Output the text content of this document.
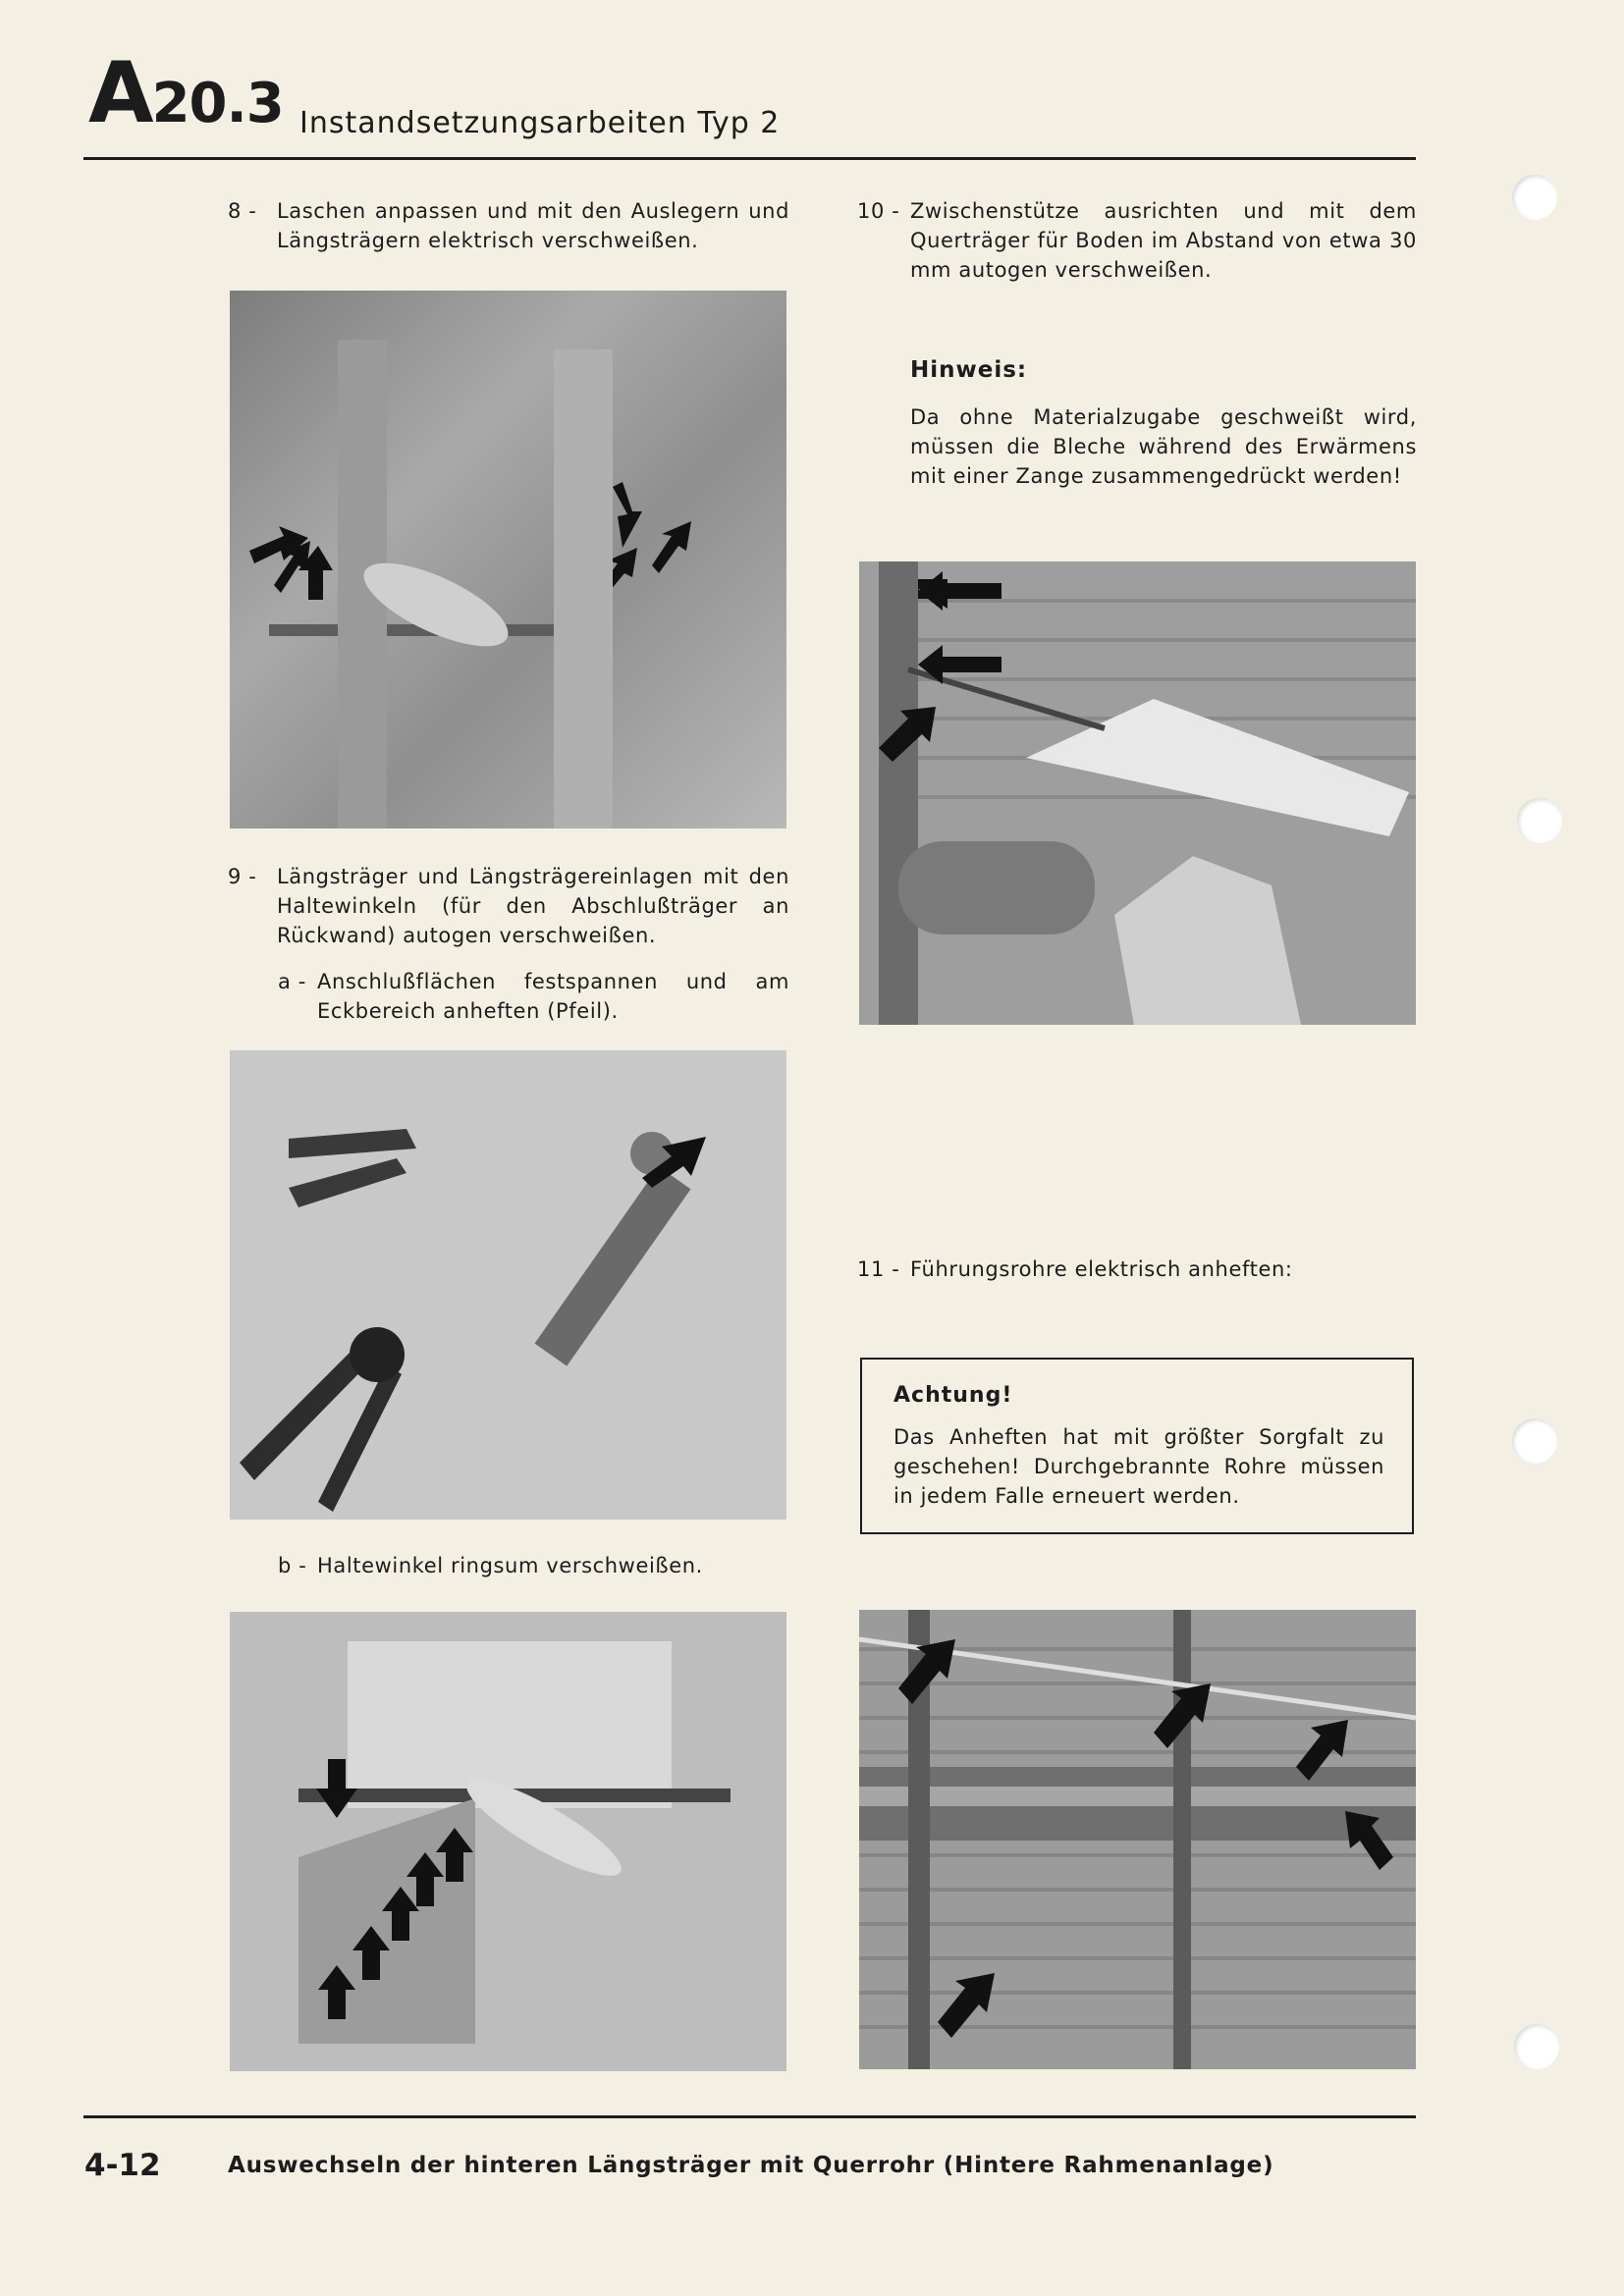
A20.3 Instandsetzungsarbeiten Typ 2
8 - Laschen anpassen und mit den Auslegern und Längsträgern elektrisch verschweißen.
9 - Längsträger und Längsträgereinlagen mit den Haltewinkeln (für den Abschlußträger an Rückwand) autogen verschweißen.
a - Anschlußflächen festspannen und am Eckbereich anheften (Pfeil).
b - Haltewinkel ringsum verschweißen.
10 - Zwischenstütze ausrichten und mit dem Querträger für Boden im Abstand von etwa 30 mm autogen verschweißen.
Hinweis:
Da ohne Materialzugabe geschweißt wird, müssen die Bleche während des Erwärmens mit einer Zange zusammengedrückt werden!
11 - Führungsrohre elektrisch anheften:
Achtung!
Das Anheften hat mit größter Sorgfalt zu geschehen! Durchgebrannte Rohre müssen in jedem Falle erneuert werden.
4-12	Auswechseln der hinteren Längsträger mit Querrohr (Hintere Rahmenanlage)
